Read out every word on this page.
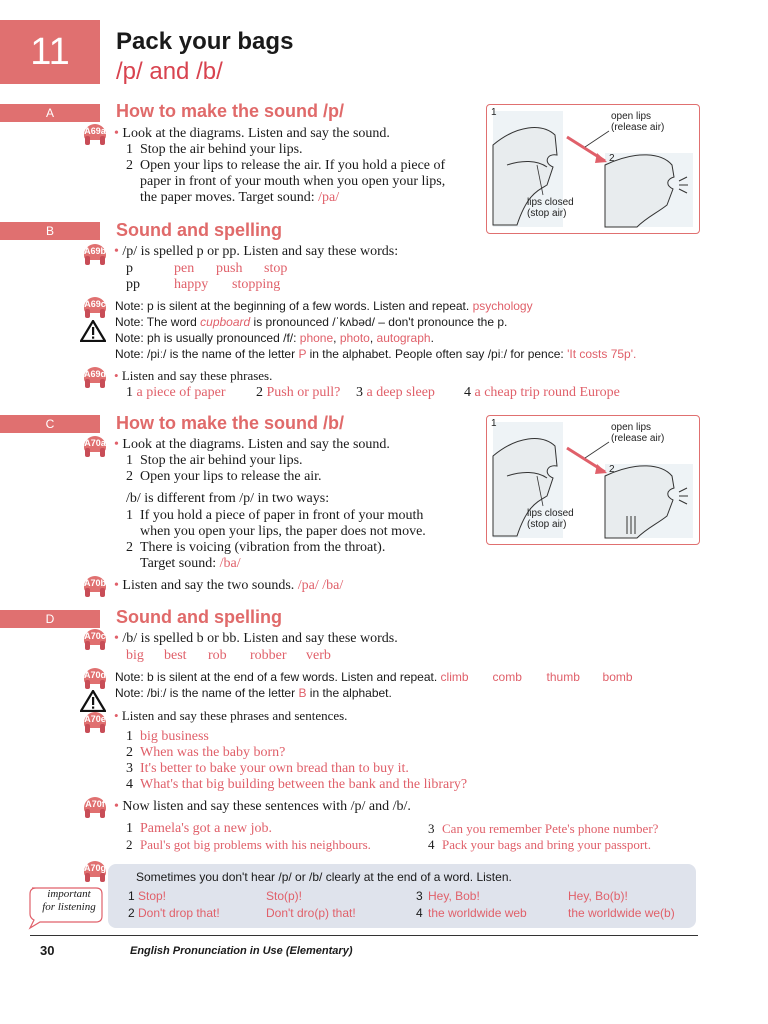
11 Pack your bags
/p/ and /b/
A	How to make the sound /p/
A69a • Look at the diagrams. Listen and say the sound.
1 Stop the air behind your lips.
2 Open your lips to release the air. If you hold a piece of
paper in front of your mouth when you open your lips,
the paper moves. Target sound: /pa/
1
2
open lips
(release air)
lips closed
(stop air)
B	Sound and spelling
A69b • /p/ is spelled p or pp. Listen and say these words:
p	pen push stop
pp happy stopping
A69c Note: p is silent at the beginning of a few words. Listen and repeat. psychology
Note: The word cupboard is pronounced /ˈkʌbəd/ – don't pronounce the p.
Note: ph is usually pronounced /f/: phone, photo, autograph.
Note: /piː/ is the name of the letter P in the alphabet. People often say /piː/ for pence: 'It costs 75p'.
A69d • Listen and say these phrases.
1 a piece of paper 2 Push or pull? 3 a deep sleep 4 a cheap trip round Europe
C	How to make the sound /b/
A70a • Look at the diagrams. Listen and say the sound.
1 Stop the air behind your lips.
2 Open your lips to release the air.
/b/ is different from /p/ in two ways:
1 If you hold a piece of paper in front of your mouth
when you open your lips, the paper does not move.
2 There is voicing (vibration from the throat).
Target sound: /ba/
A70b • Listen and say the two sounds. /pa/ /ba/
1
2
open lips
(release air)
lips closed
(stop air)
D	Sound and spelling
A70c • /b/ is spelled b or bb. Listen and say these words.
big best rob robber verb
A70d Note: b is silent at the end of a few words. Listen and repeat. climb comb thumb bomb
Note: /biː/ is the name of the letter B in the alphabet.
A70e • Listen and say these phrases and sentences.
1 big business
2 When was the baby born?
3 It's better to bake your own bread than to buy it.
4 What's that big building between the bank and the library?
A70f • Now listen and say these sentences with /p/ and /b/.
1 Pamela's got a new job.
2 Paul's got big problems with his neighbours.
3 Can you remember Pete's phone number?
4 Pack your bags and bring your passport.
A70g
important
for listening
Sometimes you don't hear /p/ or /b/ clearly at the end of a word. Listen.
1 Stop!	Sto(p)!	3 Hey, Bob!	Hey, Bo(b)!
2 Don't drop that!	Don't dro(p) that!	4 the worldwide web	the worldwide we(b)
30	English Pronunciation in Use (Elementary)
